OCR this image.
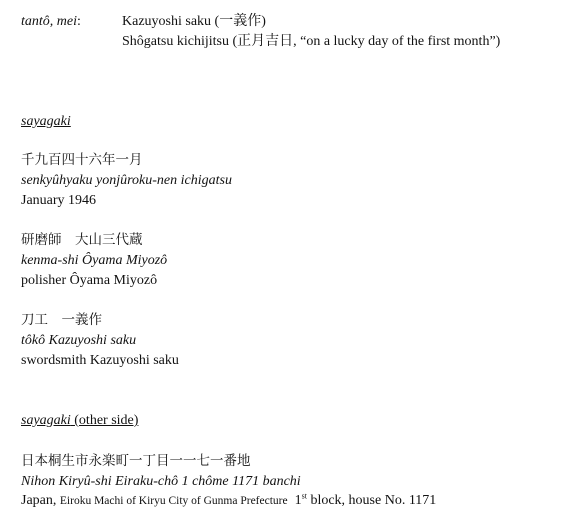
tantô, mei:	Kazuyoshi saku (一義作)
Shôgatsu kichijitsu (正月吉日, “on a lucky day of the first month”)
sayagaki
千九百四十六年一月
senkyûhyaku yonjûroku-nen ichigatsu
January 1946
研磨師　大山三代蔵
kenma-shi Ôyama Miyozô
polisher Ôyama Miyozô
刀工　一義作
tôkô Kazuyoshi saku
swordsmith Kazuyoshi saku
sayagaki (other side)
日本桐生市永楽町一丁目一一七一番地
Nihon Kiryû-shi Eiraku-chô 1 chôme 1171 banchi
Japan, Eiroku Machi of Kiryu City of Gunma Prefecture  1st block, house No. 1171
